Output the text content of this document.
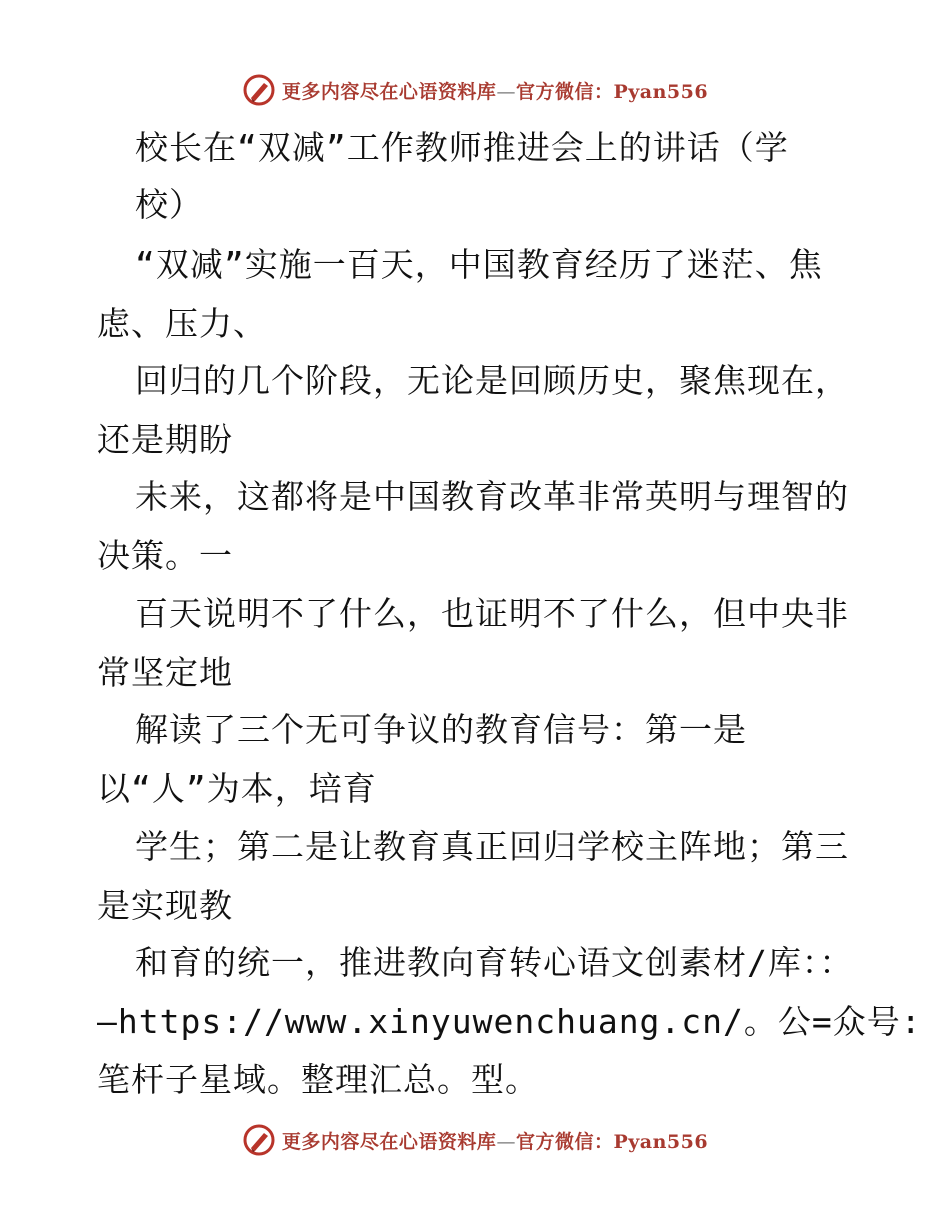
更多内容尽在心语资料库—官方微信：Pyan556
校长在“双减”工作教师推进会上的讲话（学
校）
“双减”实施一百天，中国教育经历了迷茫、焦
虑、压力、
回归的几个阶段，无论是回顾历史，聚焦现在，
还是期盼
未来，这都将是中国教育改革非常英明与理智的
决策。一
百天说明不了什么，也证明不了什么，但中央非
常坚定地
解读了三个无可争议的教育信号：第一是
以“人”为本，培育
学生；第二是让教育真正回归学校主阵地；第三
是实现教
和育的统一，推进教向育转心语文创素材/库：：
—https://www.xinyuwenchuang.cn/。公=众号:
笔杆子星域。整理汇总。型。
更多内容尽在心语资料库—官方微信：Pyan556
